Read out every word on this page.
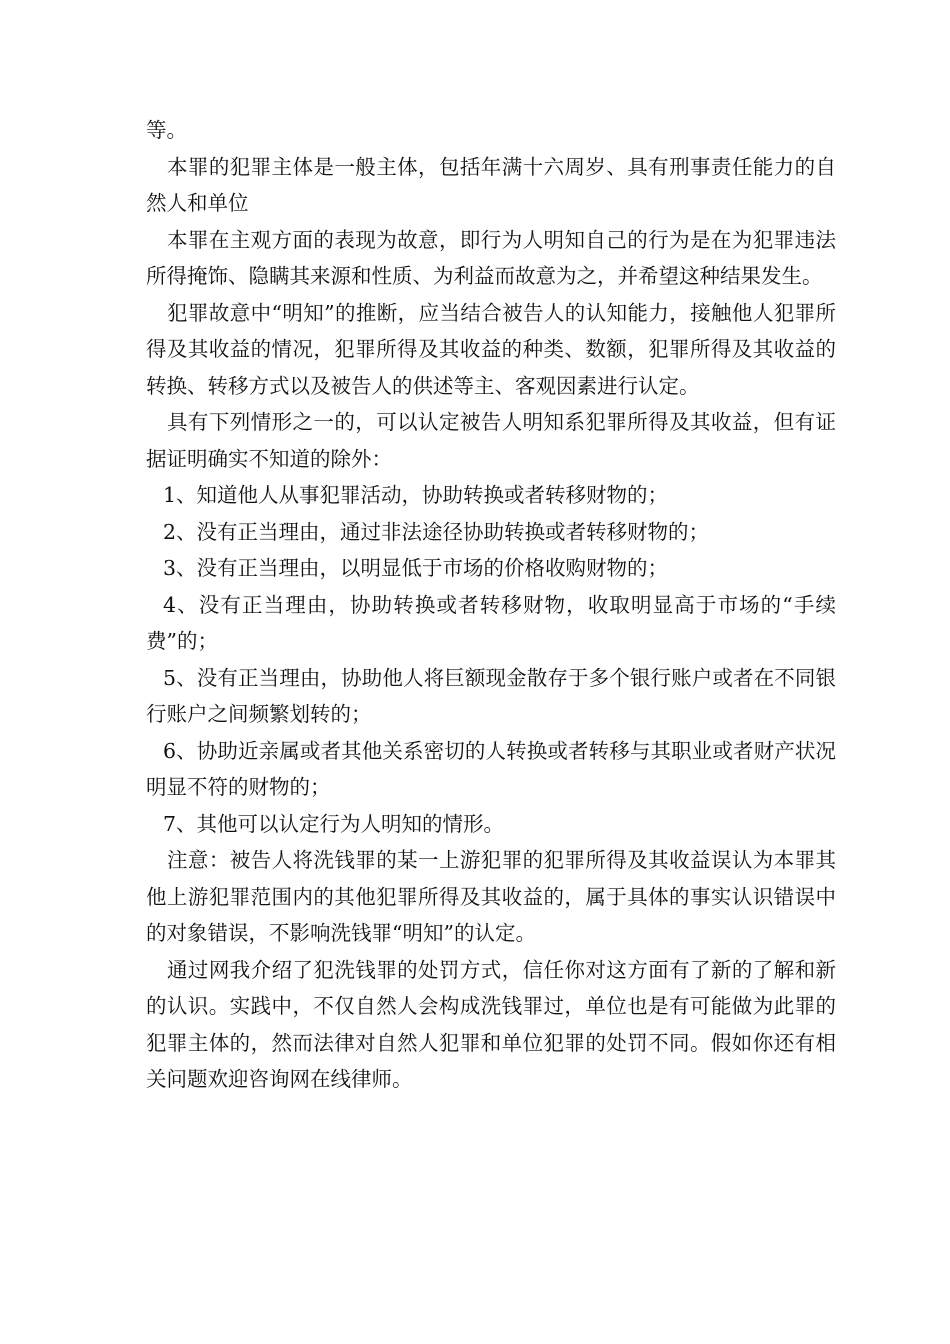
等。

本罪的犯罪主体是一般主体，包括年满十六周岁、具有刑事责任能力的自然人和单位

本罪在主观方面的表现为故意，即行为人明知自己的行为是在为犯罪违法所得掩饰、隐瞒其来源和性质、为利益而故意为之，并希望这种结果发生。

犯罪故意中“明知”的推断，应当结合被告人的认知能力，接触他人犯罪所得及其收益的情况，犯罪所得及其收益的种类、数额，犯罪所得及其收益的转换、转移方式以及被告人的供述等主、客观因素进行认定。

具有下列情形之一的，可以认定被告人明知系犯罪所得及其收益，但有证据证明确实不知道的除外：

1、知道他人从事犯罪活动，协助转换或者转移财物的；

2、没有正当理由，通过非法途径协助转换或者转移财物的；

3、没有正当理由，以明显低于市场的价格收购财物的；

4、没有正当理由，协助转换或者转移财物，收取明显高于市场的“手续费”的；

5、没有正当理由，协助他人将巨额现金散存于多个银行账户或者在不同银行账户之间频繁划转的；

6、协助近亲属或者其他关系密切的人转换或者转移与其职业或者财产状况明显不符的财物的；

7、其他可以认定行为人明知的情形。

注意：被告人将洗钱罪的某一上游犯罪的犯罪所得及其收益误认为本罪其他上游犯罪范围内的其他犯罪所得及其收益的，属于具体的事实认识错误中的对象错误，不影响洗钱罪“明知”的认定。

通过网我介绍了犯洗钱罪的处罚方式，信任你对这方面有了新的了解和新的认识。实践中，不仅自然人会构成洗钱罪过，单位也是有可能做为此罪的犯罪主体的，然而法律对自然人犯罪和单位犯罪的处罚不同。假如你还有相关问题欢迎咨询网在线律师。
